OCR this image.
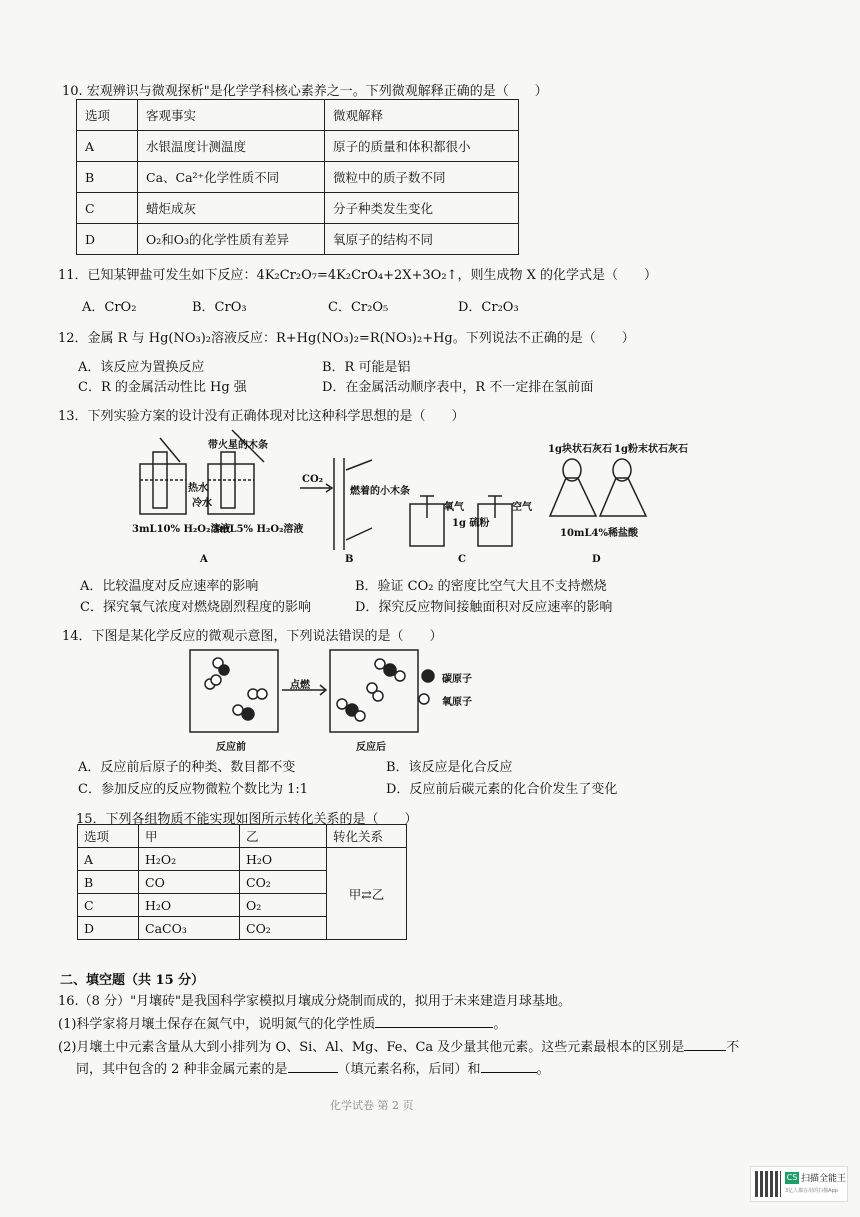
10. 宏观辨识与微观探析"是化学学科核心素养之一。下列微观解释正确的是（　　）
选项	客观事实	微观解释
A	水银温度计测温度	原子的质量和体积都很小
B	Ca、Ca²⁺化学性质不同	微粒中的质子数不同
C	蜡炬成灰	分子种类发生变化
D	O₂和O₃的化学性质有差异	氧原子的结构不同
11．已知某钾盐可发生如下反应：4K₂Cr₂O₇=4K₂CrO₄+2X+3O₂↑，则生成物 X 的化学式是（　　）
A．CrO₂	B．CrO₃	C．Cr₂O₅	D．Cr₂O₃
12．金属 R 与 Hg(NO₃)₂溶液反应：R+Hg(NO₃)₂=R(NO₃)₂+Hg。下列说法不正确的是（　　）
A．该反应为置换反应	B．R 可能是铝
C．R 的金属活动性比 Hg 强	D．在金属活动顺序表中，R 不一定排在氢前面
13．下列实验方案的设计没有正确体现对比这种科学思想的是（　　）
带火星的木条
热水
冷水
3mL10% H₂O₂溶液
3mL5% H₂O₂溶液
CO₂
燃着的小木条
氧气	空气
1g 硫粉
1g块状石灰石 1g粉末状石灰石
10mL4%稀盐酸
A	B	C	D
A．比较温度对反应速率的影响	B．验证 CO₂ 的密度比空气大且不支持燃烧
C．探究氧气浓度对燃烧剧烈程度的影响	D．探究反应物间接触面积对反应速率的影响
14．下图是某化学反应的微观示意图，下列说法错误的是（　　）
点燃
碳原子
氧原子
反应前	反应后
A．反应前后原子的种类、数目都不变	B．该反应是化合反应
C．参加反应的反应物微粒个数比为 1:1	D．反应前后碳元素的化合价发生了变化
15．下列各组物质不能实现如图所示转化关系的是（　　）
选项	甲	乙	转化关系
A	H₂O₂	H₂O	甲⇄乙
B	CO	CO₂	
C	H₂O	O₂	
D	CaCO₃	CO₂	
二、填空题（共 15 分）
16.（8 分）"月壤砖"是我国科学家模拟月壤成分烧制而成的，拟用于未来建造月球基地。
(1)科学家将月壤土保存在氮气中，说明氮气的化学性质	。
(2)月壤土中元素含量从大到小排列为 O、Si、Al、Mg、Fe、Ca 及少量其他元素。这些元素最根本的区别是	不
同，其中包含的 2 种非金属元素的是	（填元素名称，后同）和	。
化学试卷 第 2 页
CS 扫描全能王
3亿人都在用的扫描App
